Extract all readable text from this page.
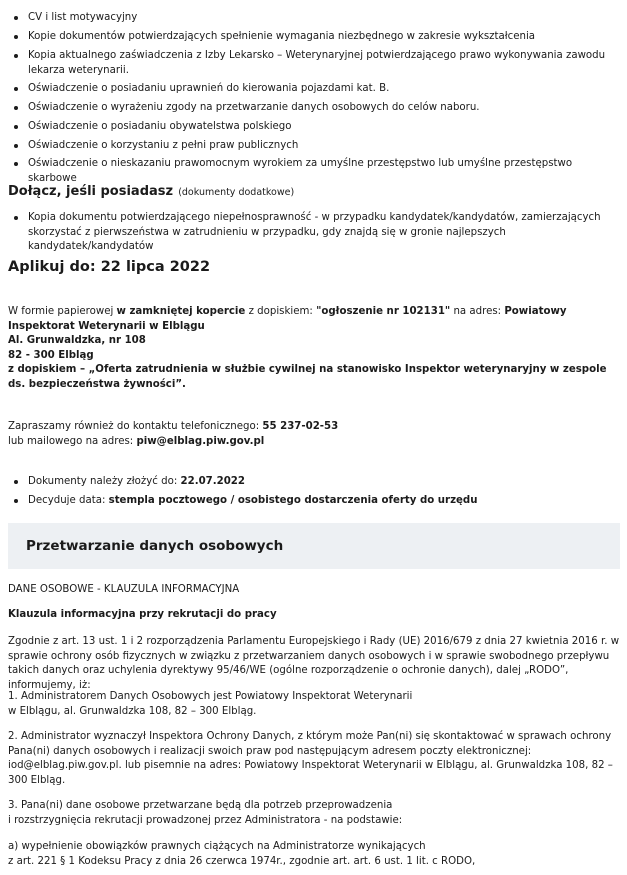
CV i list motywacyjny
Kopie dokumentów potwierdzających spełnienie wymagania niezbędnego w zakresie wykształcenia
Kopia aktualnego zaświadczenia z Izby Lekarsko – Weterynaryjnej potwierdzającego prawo wykonywania zawodu lekarza weterynarii.
Oświadczenie o posiadaniu uprawnień do kierowania pojazdami kat. B.
Oświadczenie o wyrażeniu zgody na przetwarzanie danych osobowych do celów naboru.
Oświadczenie o posiadaniu obywatelstwa polskiego
Oświadczenie o korzystaniu z pełni praw publicznych
Oświadczenie o nieskazaniu prawomocnym wyrokiem za umyślne przestępstwo lub umyślne przestępstwo skarbowe
Dołącz, jeśli posiadasz (dokumenty dodatkowe)
Kopia dokumentu potwierdzającego niepełnosprawność - w przypadku kandydatek/kandydatów, zamierzających skorzystać z pierwszeństwa w zatrudnieniu w przypadku, gdy znajdą się w gronie najlepszych kandydatek/kandydatów
Aplikuj do: 22 lipca 2022
W formie papierowej w zamkniętej kopercie z dopiskiem: "ogłoszenie nr 102131" na adres: Powiatowy Inspektorat Weterynarii w Elblągu
Al. Grunwaldzka, nr 108
82 - 300 Elbląg
z dopiskiem – „Oferta zatrudnienia w służbie cywilnej na stanowisko Inspektor weterynaryjny w zespole ds. bezpieczeństwa żywności”.
Zapraszamy również do kontaktu telefonicznego: 55 237-02-53
lub mailowego na adres: piw@elblag.piw.gov.pl
Dokumenty należy złożyć do: 22.07.2022
Decyduje data: stempla pocztowego / osobistego dostarczenia oferty do urzędu
Przetwarzanie danych osobowych
DANE OSOBOWE - KLAUZULA INFORMACYJNA
Klauzula informacyjna przy rekrutacji do pracy
Zgodnie z art. 13 ust. 1 i 2 rozporządzenia Parlamentu Europejskiego i Rady (UE) 2016/679 z dnia 27 kwietnia 2016 r. w sprawie ochrony osób fizycznych w związku z przetwarzaniem danych osobowych i w sprawie swobodnego przepływu takich danych oraz uchylenia dyrektywy 95/46/WE (ogólne rozporządzenie o ochronie danych), dalej „RODO”, informujemy, iż:
1. Administratorem Danych Osobowych jest Powiatowy Inspektorat Weterynarii
w Elblągu, al. Grunwaldzka 108, 82 – 300 Elbląg.
2. Administrator wyznaczył Inspektora Ochrony Danych, z którym może Pan(ni) się skontaktować w sprawach ochrony Pana(ni) danych osobowych i realizacji swoich praw pod następującym adresem poczty elektronicznej: iod@elblag.piw.gov.pl. lub pisemnie na adres: Powiatowy Inspektorat Weterynarii w Elblągu, al. Grunwaldzka 108, 82 – 300 Elbląg.
3. Pana(ni) dane osobowe przetwarzane będą dla potrzeb przeprowadzenia
i rozstrzygnięcia rekrutacji prowadzonej przez Administratora - na podstawie:
a) wypełnienie obowiązków prawnych ciążących na Administratorze wynikających
z art. 221 § 1 Kodeksu Pracy z dnia 26 czerwca 1974r., zgodnie art. art. 6 ust. 1 lit. c RODO,
